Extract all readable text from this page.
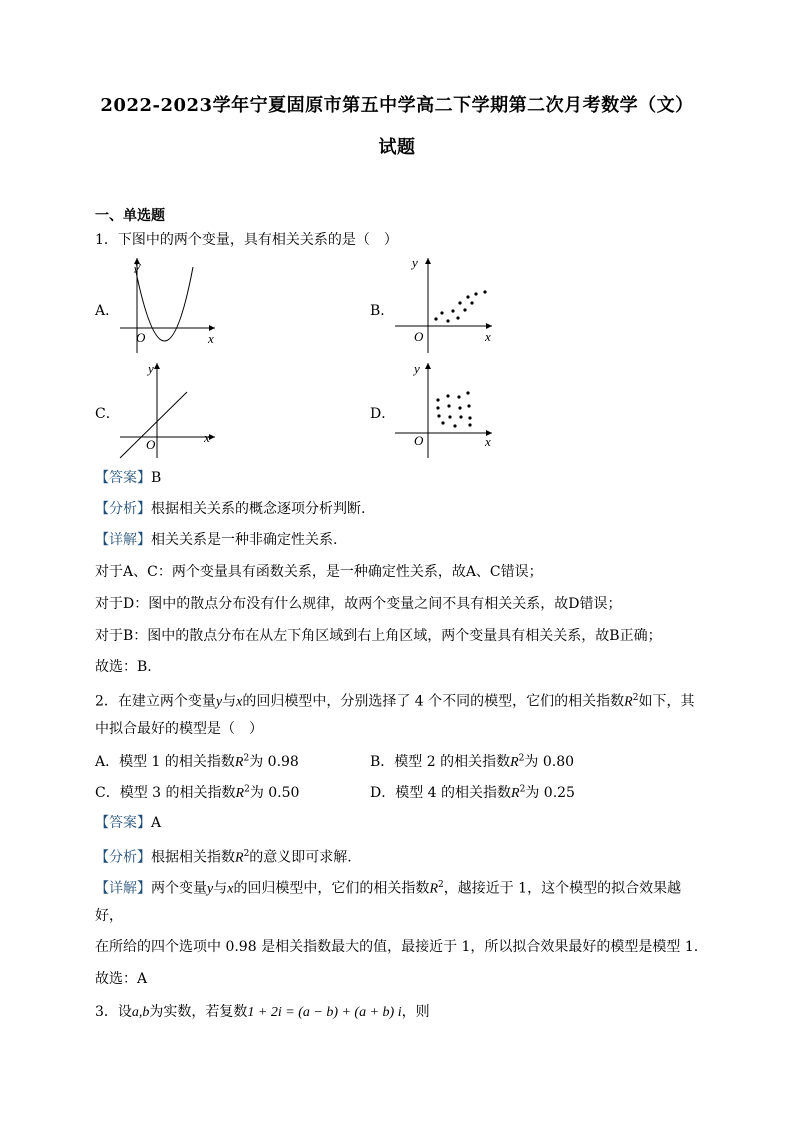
2022-2023学年宁夏固原市第五中学高二下学期第二次月考数学（文）
试题
一、单选题
1．下图中的两个变量，具有相关关系的是（　）
A．
y
x
O
B．
y
x
O
C．
y
x
O
D．
y
x
O
【答案】B
【分析】根据相关关系的概念逐项分析判断.
【详解】相关关系是一种非确定性关系.
对于A、C：两个变量具有函数关系，是一种确定性关系，故A、C错误；
对于D：图中的散点分布没有什么规律，故两个变量之间不具有相关关系，故D错误；
对于B：图中的散点分布在从左下角区域到右上角区域，两个变量具有相关关系，故B正确；
故选：B.
2．在建立两个变量y与x的回归模型中，分别选择了 4 个不同的模型，它们的相关指数$R^2$如下，其
中拟合最好的模型是（　）
A．模型 1 的相关指数$R^2$为 0.98	B．模型 2 的相关指数$R^2$为 0.80
C．模型 3 的相关指数$R^2$为 0.50	D．模型 4 的相关指数$R^2$为 0.25
【答案】A
【分析】根据相关指数$R^2$的意义即可求解.
【详解】两个变量y与x的回归模型中，它们的相关指数$R^2$，越接近于 1，这个模型的拟合效果越
好，
在所给的四个选项中 0.98 是相关指数最大的值，最接近于 1，所以拟合效果最好的模型是模型 1.
故选：A
3．设a,b为实数，若复数1 + 2i = (a − b) + (a + b) i，则
